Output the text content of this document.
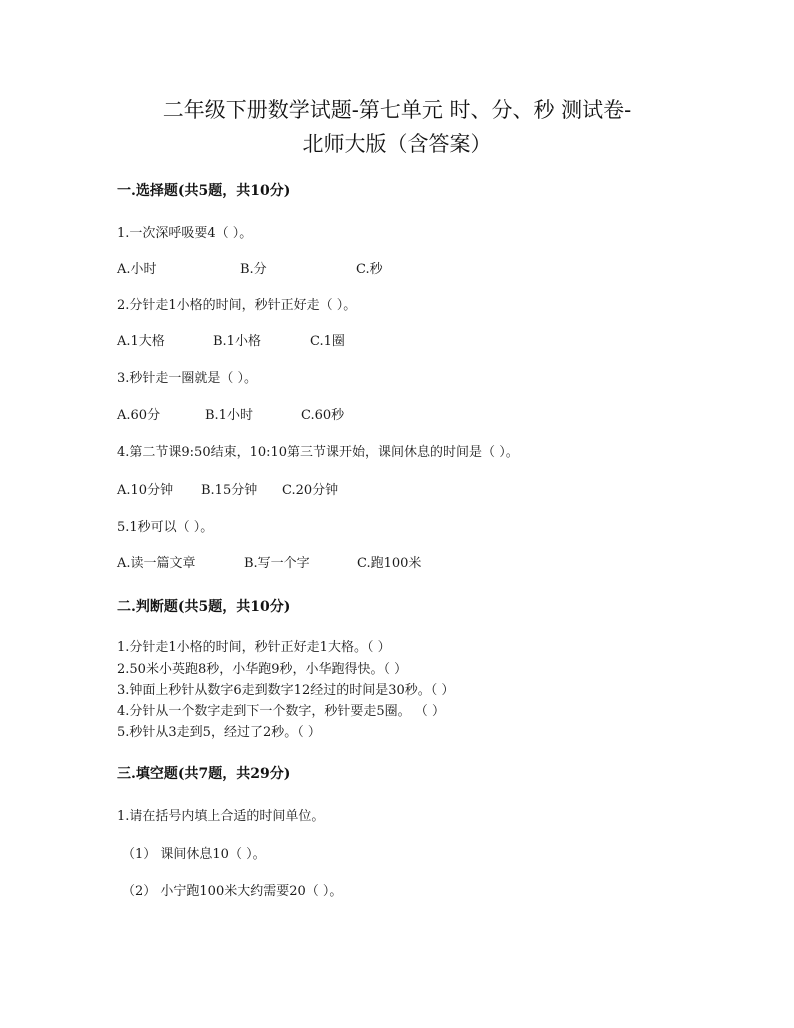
二年级下册数学试题-第七单元 时、分、秒 测试卷-
北师大版（含答案）
一.选择题(共5题，共10分)
1.一次深呼吸要4（ ）。
A.小时	B.分	C.秒
2.分针走1小格的时间，秒针正好走（ ）。
A.1大格	B.1小格	C.1圈
3.秒针走一圈就是（ ）。
A.60分	B.1小时	C.60秒
4.第二节课9:50结束，10:10第三节课开始，课间休息的时间是（ ）。
A.10分钟 B.15分钟 C.20分钟
5.1秒可以（ ）。
A.读一篇文章	B.写一个字	C.跑100米
二.判断题(共5题，共10分)
1.分针走1小格的时间，秒针正好走1大格。（ ）
2.50米小英跑8秒，小华跑9秒，小华跑得快。（ ）
3.钟面上秒针从数字6走到数字12经过的时间是30秒。（ ）
4.分针从一个数字走到下一个数字，秒针要走5圈。 （ ）
5.秒针从3走到5，经过了2秒。（ ）
三.填空题(共7题，共29分)
1.请在括号内填上合适的时间单位。
（1） 课间休息10（ ）。
（2） 小宁跑100米大约需要20（ ）。
